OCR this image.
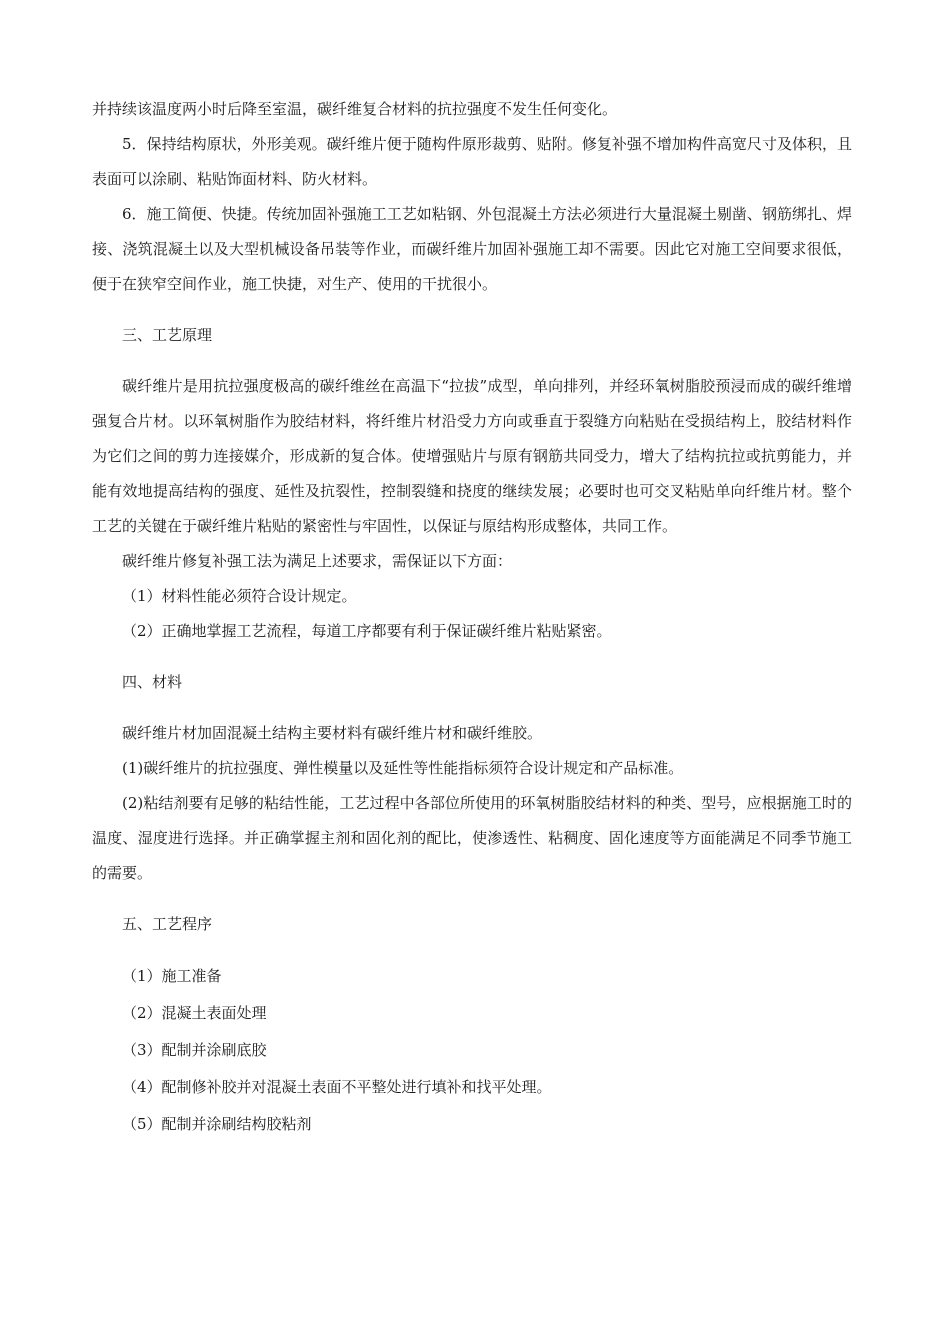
并持续该温度两小时后降至室温，碳纤维复合材料的抗拉强度不发生任何变化。

5．保持结构原状，外形美观。碳纤维片便于随构件原形裁剪、贴附。修复补强不增加构件高宽尺寸及体积，且表面可以涂刷、粘贴饰面材料、防火材料。

6．施工简便、快捷。传统加固补强施工工艺如粘钢、外包混凝土方法必须进行大量混凝土剔凿、钢筋绑扎、焊接、浇筑混凝土以及大型机械设备吊装等作业，而碳纤维片加固补强施工却不需要。因此它对施工空间要求很低，便于在狭窄空间作业，施工快捷，对生产、使用的干扰很小。

三、工艺原理

碳纤维片是用抗拉强度极高的碳纤维丝在高温下“拉拔”成型，单向排列，并经环氧树脂胶预浸而成的碳纤维增强复合片材。以环氧树脂作为胶结材料，将纤维片材沿受力方向或垂直于裂缝方向粘贴在受损结构上，胶结材料作为它们之间的剪力连接媒介，形成新的复合体。使增强贴片与原有钢筋共同受力，增大了结构抗拉或抗剪能力，并能有效地提高结构的强度、延性及抗裂性，控制裂缝和挠度的继续发展；必要时也可交叉粘贴单向纤维片材。整个工艺的关键在于碳纤维片粘贴的紧密性与牢固性，以保证与原结构形成整体，共同工作。

碳纤维片修复补强工法为满足上述要求，需保证以下方面：

（1）材料性能必须符合设计规定。

（2）正确地掌握工艺流程，每道工序都要有利于保证碳纤维片粘贴紧密。

四、材料

碳纤维片材加固混凝土结构主要材料有碳纤维片材和碳纤维胶。

(1)碳纤维片的抗拉强度、弹性模量以及延性等性能指标须符合设计规定和产品标准。

(2)粘结剂要有足够的粘结性能，工艺过程中各部位所使用的环氧树脂胶结材料的种类、型号，应根据施工时的温度、湿度进行选择。并正确掌握主剂和固化剂的配比，使渗透性、粘稠度、固化速度等方面能满足不同季节施工的需要。

五、工艺程序

（1）施工准备

（2）混凝土表面处理

（3）配制并涂刷底胶

（4）配制修补胶并对混凝土表面不平整处进行填补和找平处理。

（5）配制并涂刷结构胶粘剂
